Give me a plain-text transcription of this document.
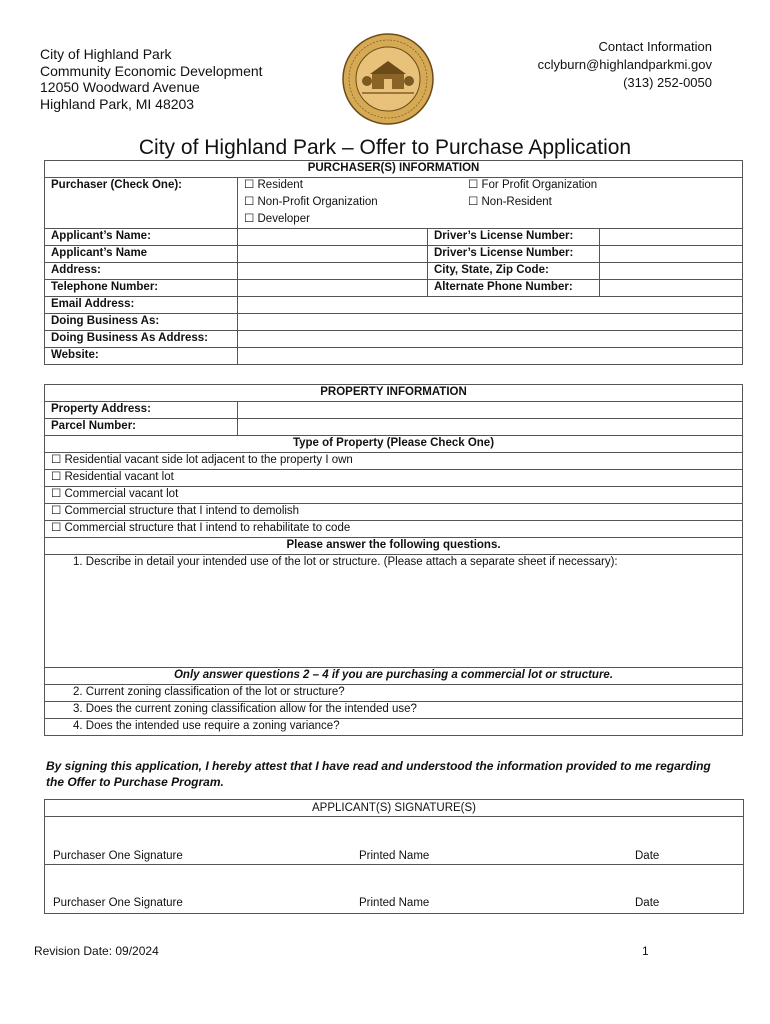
City of Highland Park
Community Economic Development
12050 Woodward Avenue
Highland Park, MI 48203
Contact Information
cclyburn@highlandparkmi.gov
(313) 252-0050
City of Highland Park – Offer to Purchase Application
PURCHASER(S) INFORMATION			
Purchaser (Check One):	☐ Resident ☐ For Profit Organization
☐ Non-Profit Organization ☐ Non-Resident
☐ Developer		

Applicant’s Name:		Driver’s License Number:	
Applicant’s Name		Driver’s License Number:	
Address:		City, State, Zip Code:	
Telephone Number:		Alternate Phone Number:	
Email Address:			
Doing Business As:			
Doing Business As Address:			
Website:			
PROPERTY INFORMATION	
Property Address:	
Parcel Number:	
Type of Property (Please Check One)	
☐ Residential vacant side lot adjacent to the property I own	
☐ Residential vacant lot	
☐ Commercial vacant lot	
☐ Commercial structure that I intend to demolish	
☐ Commercial structure that I intend to rehabilitate to code	
Please answer the following questions.	
1. Describe in detail your intended use of the lot or structure. (Please attach a separate sheet if necessary):	
Only answer questions 2 – 4 if you are purchasing a commercial lot or structure.	
2. Current zoning classification of the lot or structure?	
3. Does the current zoning classification allow for the intended use?	
4. Does the intended use require a zoning variance?	
By signing this application, I hereby attest that I have read and understood the information provided to me regarding the Offer to Purchase Program.
APPLICANT(S) SIGNATURE(S)
Purchaser One Signature	Printed Name	Date
Purchaser One Signature	Printed Name	Date
Revision Date: 09/2024	1
